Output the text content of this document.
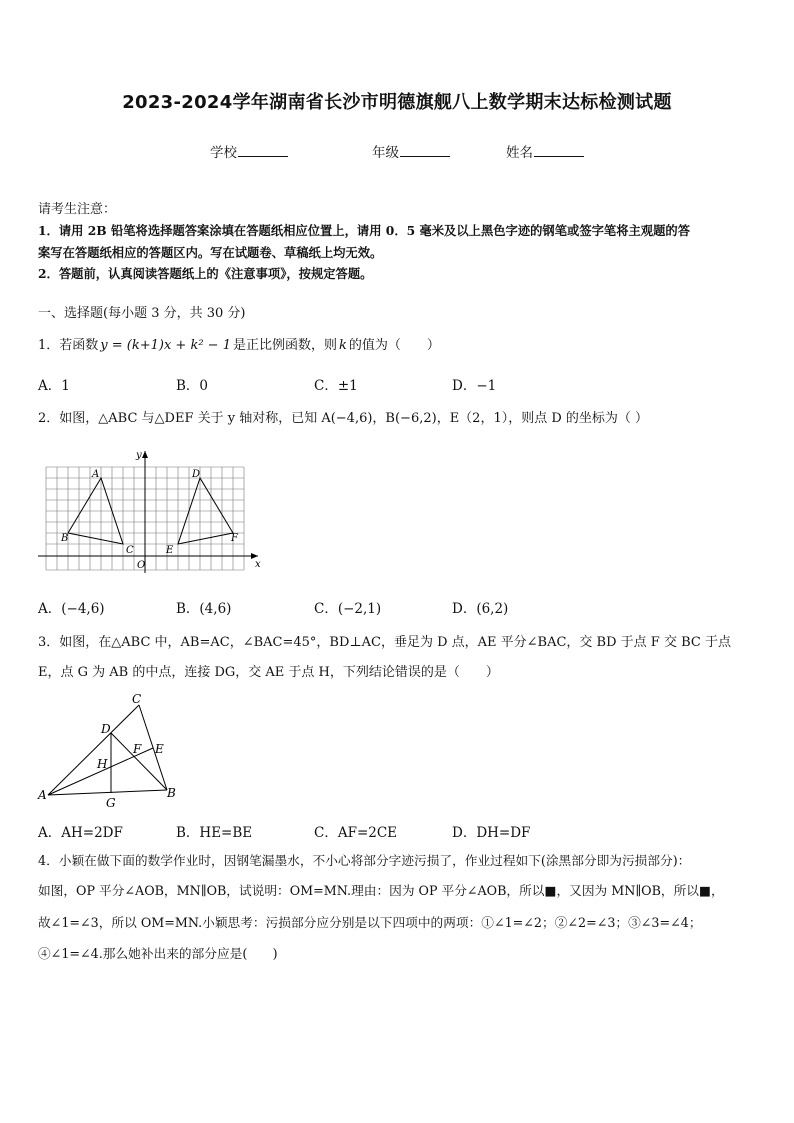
2023-2024学年湖南省长沙市明德旗舰八上数学期末达标检测试题
学校	年级	姓名
请考生注意：
1．请用 2B 铅笔将选择题答案涂填在答题纸相应位置上，请用 0．5 毫米及以上黑色字迹的钢笔或签字笔将主观题的答
案写在答题纸相应的答题区内。写在试题卷、草稿纸上均无效。
2．答题前，认真阅读答题纸上的《注意事项》，按规定答题。
一、选择题(每小题 3 分，共 30 分)
1．若函数 y = (k+1)x + k² − 1 是正比例函数，则 k 的值为（　　）
A．1	B．0	C．±1	D．−1
2．如图，△ABC 与△DEF 关于 y 轴对称，已知 A(−4,6)，B(−6,2)，E（2，1），则点 D 的坐标为（ ）
A
B
C
D
E
F
O	x
y
A．(−4,6)	B．(4,6)	C．(−2,1)	D．(6,2)
3．如图，在△ABC 中，AB=AC，∠BAC=45°，BD⊥AC，垂足为 D 点，AE 平分∠BAC，交 BD 于点 F 交 BC 于点
E，点 G 为 AB 的中点，连接 DG，交 AE 于点 H，下列结论错误的是（　　）
A	B
C
D
E
F
G
H
A．AH=2DF	B．HE=BE	C．AF=2CE	D．DH=DF
4．小颖在做下面的数学作业时，因钢笔漏墨水，不小心将部分字迹污损了，作业过程如下(涂黑部分即为污损部分)：
如图，OP 平分∠AOB，MN∥OB，试说明：OM=MN.理由：因为 OP 平分∠AOB，所以■，又因为 MN∥OB，所以■，
故∠1=∠3，所以 OM=MN.小颖思考：污损部分应分别是以下四项中的两项：①∠1=∠2；②∠2=∠3；③∠3=∠4；
④∠1=∠4.那么她补出来的部分应是(　　)
